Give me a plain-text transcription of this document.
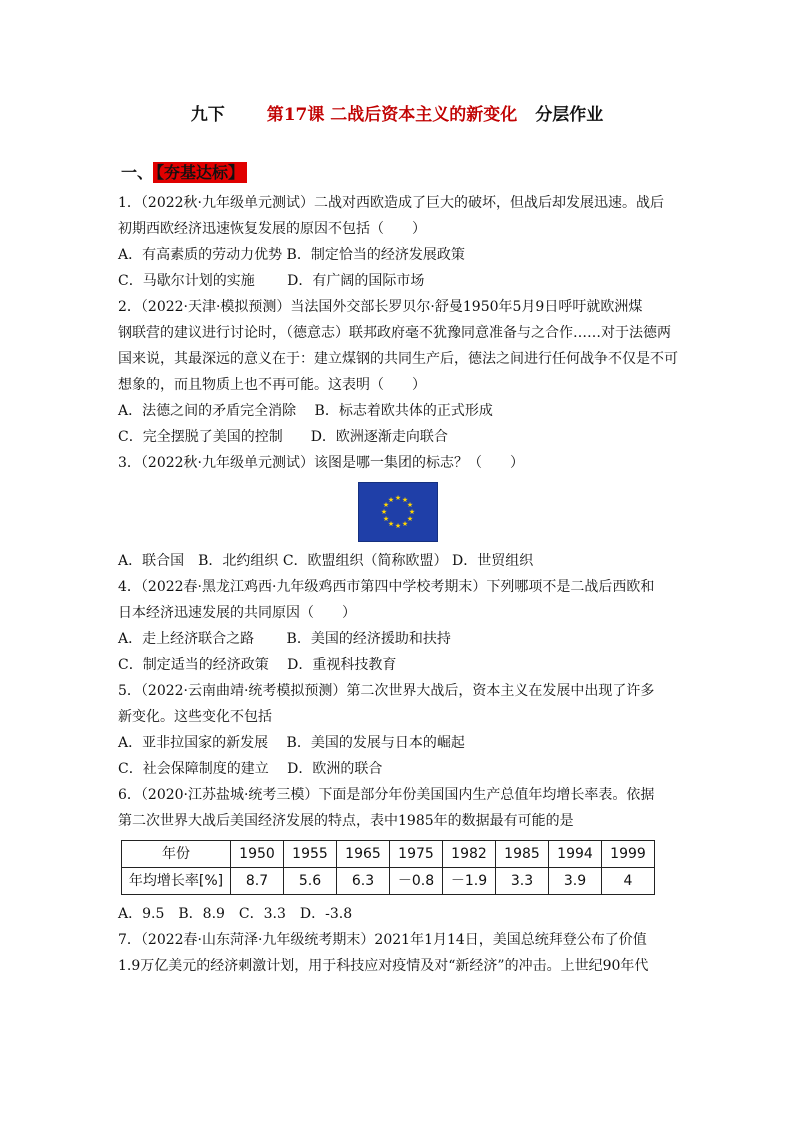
九下 第17课 二战后资本主义的新变化 分层作业
一、 【夯基达标】
1．（2022秋·九年级单元测试）二战对西欧造成了巨大的破坏，但战后却发展迅速。战后
初期西欧经济迅速恢复发展的原因不包括（　　）
A．有高素质的劳动力优势 B．制定恰当的经济发展政策
C．马歇尔计划的实施　　 D．有广阔的国际市场
2．（2022·天津·模拟预测）当法国外交部长罗贝尔·舒曼1950年5月9日呼吁就欧洲煤
钢联营的建议进行讨论时，（德意志）联邦政府毫不犹豫同意准备与之合作……对于法德两
国来说，其最深远的意义在于：建立煤钢的共同生产后，德法之间进行任何战争不仅是不可
想象的，而且物质上也不再可能。这表明（　　）
A．法德之间的矛盾完全消除　 B．标志着欧共体的正式形成
C．完全摆脱了美国的控制　　D．欧洲逐渐走向联合
3．（2022秋·九年级单元测试）该图是哪一集团的标志？（　　）
★ ★
★
★
★
★
★
★
★
★
★
★
A．联合国　B．北约组织 C．欧盟组织（简称欧盟） D．世贸组织
4．（2022春·黑龙江鸡西·九年级鸡西市第四中学校考期末）下列哪项不是二战后西欧和
日本经济迅速发展的共同原因（　　）
A．走上经济联合之路　　 B．美国的经济援助和扶持
C．制定适当的经济政策　 D．重视科技教育
5．（2022·云南曲靖·统考模拟预测）第二次世界大战后，资本主义在发展中出现了许多
新变化。这些变化不包括
A．亚非拉国家的新发展　 B．美国的发展与日本的崛起
C．社会保障制度的建立　 D．欧洲的联合
6．（2020·江苏盐城·统考三模）下面是部分年份美国国内生产总值年均增长率表。依据
第二次世界大战后美国经济发展的特点，表中1985年的数据最有可能的是
年份	1950	1955	1965	1975	1982	1985	1994	1999
年均增长率[%]	8.7	5.6	6.3	－0.8	－1.9	3.3	3.9	4
A．9.5　B．8.9　C．3.3　D．-3.8
7．（2022春·山东菏泽·九年级统考期末）2021年1月14日，美国总统拜登公布了价值
1.9万亿美元的经济刺激计划，用于科技应对疫情及对“新经济”的冲击。上世纪90年代
